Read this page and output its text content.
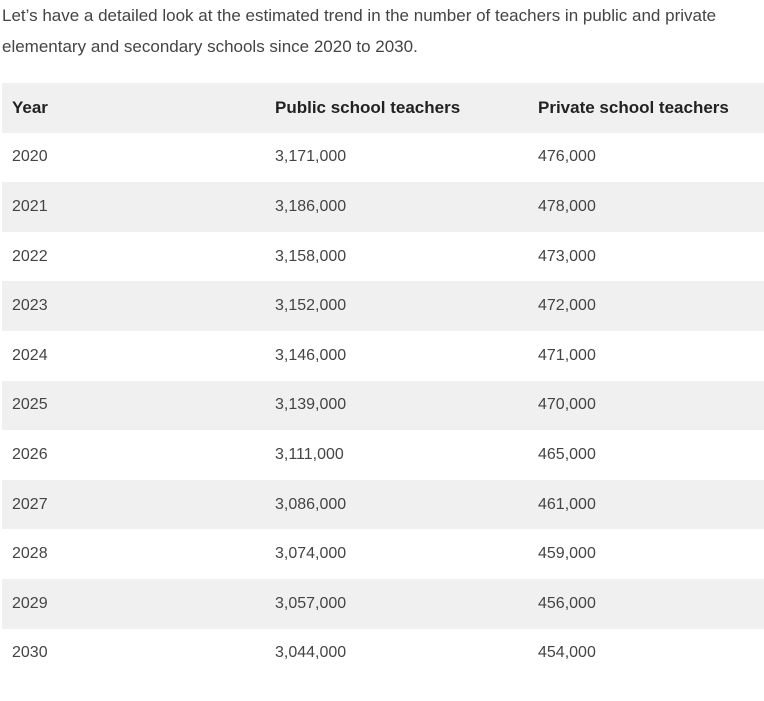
Let’s have a detailed look at the estimated trend in the number of teachers in public and private elementary and secondary schools since 2020 to 2030.

Year	Public school teachers	Private school teachers
2020	3,171,000	476,000
2021	3,186,000	478,000
2022	3,158,000	473,000
2023	3,152,000	472,000
2024	3,146,000	471,000
2025	3,139,000	470,000
2026	3,111,000	465,000
2027	3,086,000	461,000
2028	3,074,000	459,000
2029	3,057,000	456,000
2030	3,044,000	454,000
